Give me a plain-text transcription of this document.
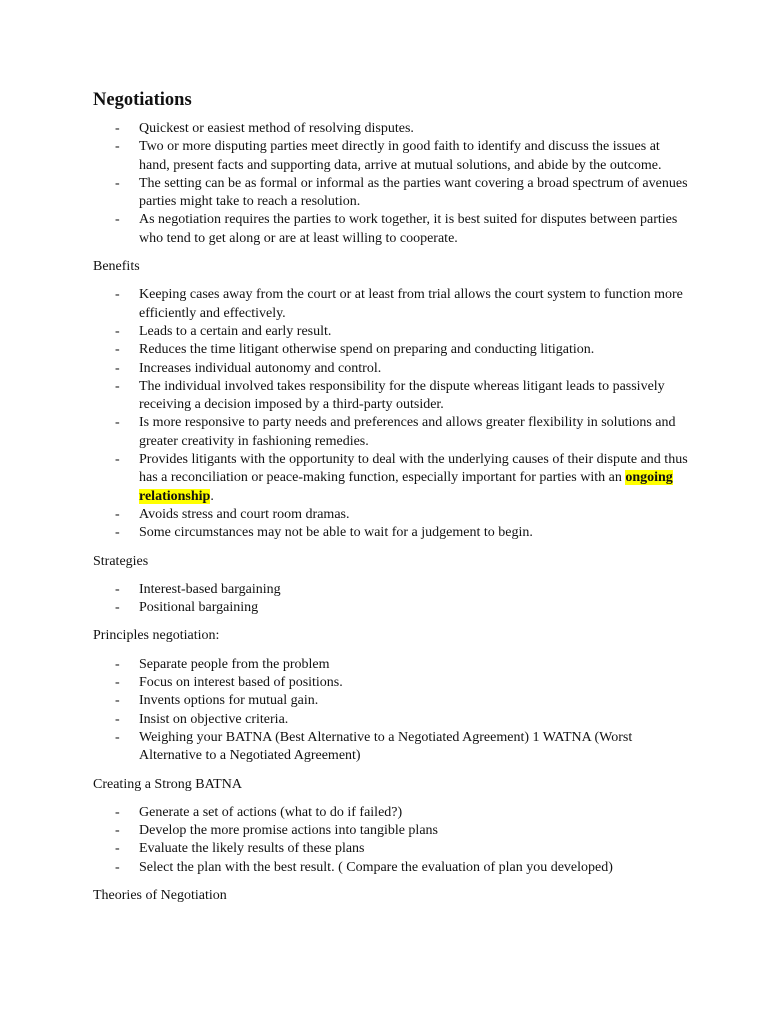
Negotiations
- Quickest or easiest method of resolving disputes.
- Two or more disputing parties meet directly in good faith to identify and discuss the issues at hand, present facts and supporting data, arrive at mutual solutions, and abide by the outcome.
- The setting can be as formal or informal as the parties want covering a broad spectrum of avenues parties might take to reach a resolution.
- As negotiation requires the parties to work together, it is best suited for disputes between parties who tend to get along or are at least willing to cooperate.

Benefits

- Keeping cases away from the court or at least from trial allows the court system to function more efficiently and effectively.
- Leads to a certain and early result.
- Reduces the time litigant otherwise spend on preparing and conducting litigation.
- Increases individual autonomy and control.
- The individual involved takes responsibility for the dispute whereas litigant leads to passively receiving a decision imposed by a third-party outsider.
- Is more responsive to party needs and preferences and allows greater flexibility in solutions and greater creativity in fashioning remedies.
- Provides litigants with the opportunity to deal with the underlying causes of their dispute and thus has a reconciliation or peace-making function, especially important for parties with an ongoing relationship.
- Avoids stress and court room dramas.
- Some circumstances may not be able to wait for a judgement to begin.

Strategies

- Interest-based bargaining
- Positional bargaining

Principles negotiation:

- Separate people from the problem
- Focus on interest based of positions.
- Invents options for mutual gain.
- Insist on objective criteria.
- Weighing your BATNA (Best Alternative to a Negotiated Agreement) 1 WATNA (Worst Alternative to a Negotiated Agreement)

Creating a Strong BATNA

- Generate a set of actions (what to do if failed?)
- Develop the more promise actions into tangible plans
- Evaluate the likely results of these plans
- Select the plan with the best result. ( Compare the evaluation of plan you developed)

Theories of Negotiation
